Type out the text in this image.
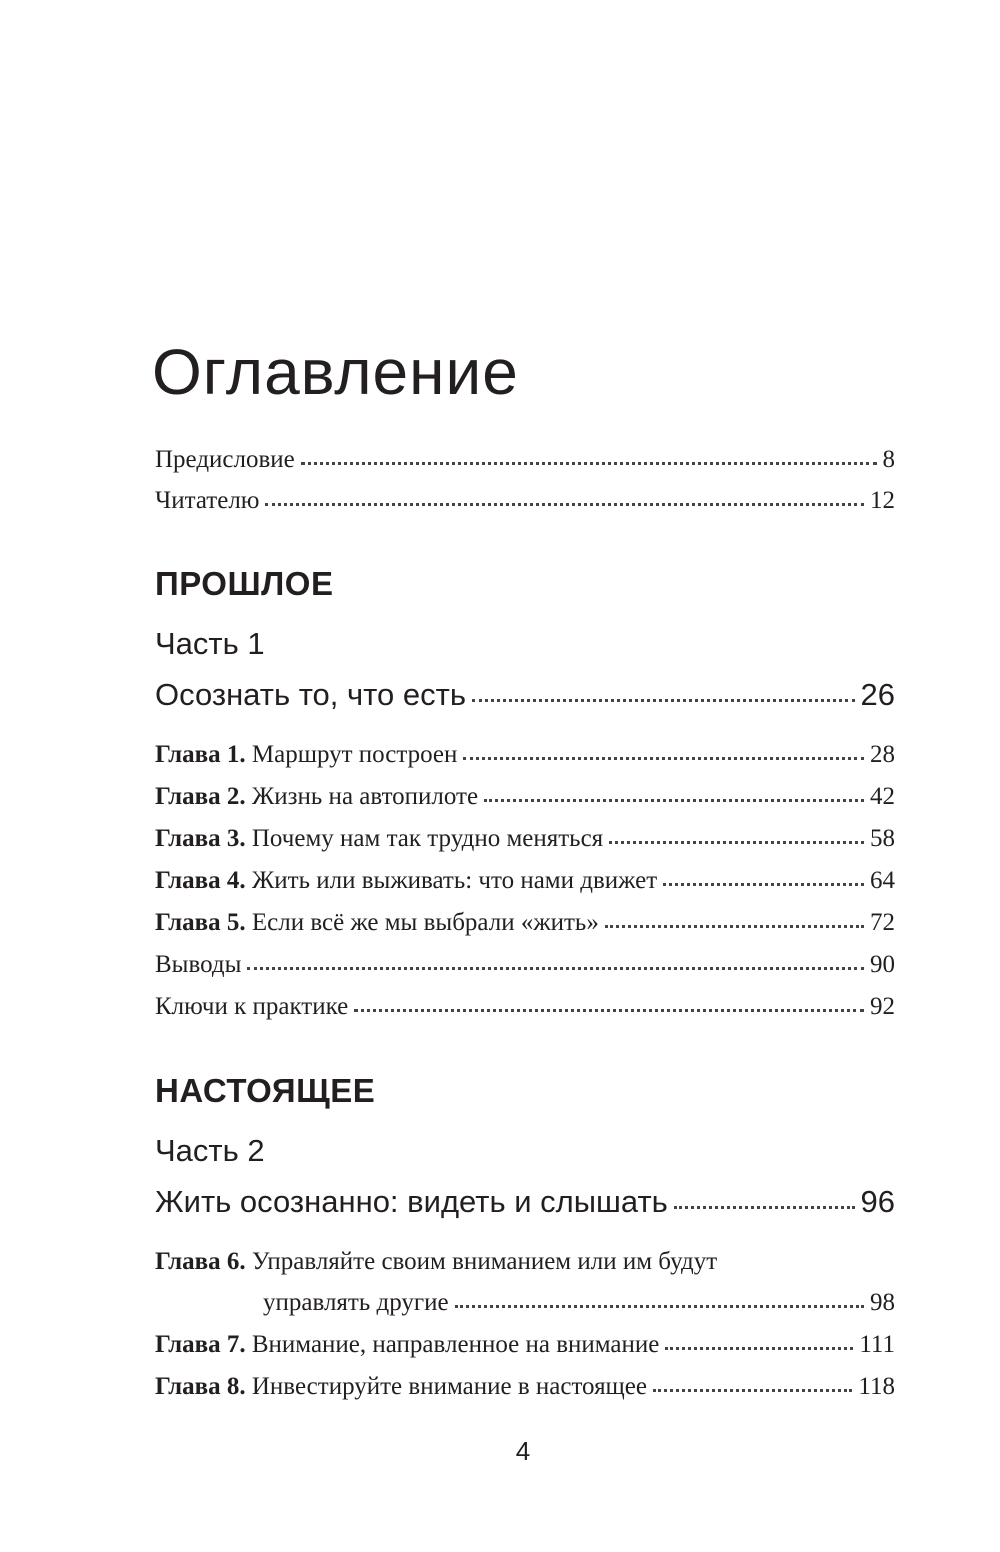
Оглавление
Предисловие	8
Читателю	12
ПРОШЛОЕ
Часть 1
Осознать то, что есть	26
Глава 1. Маршрут построен	28
Глава 2. Жизнь на автопилоте	42
Глава 3. Почему нам так трудно меняться	58
Глава 4. Жить или выживать: что нами движет	64
Глава 5. Если всё же мы выбрали «жить»	72
Выводы	90
Ключи к практике	92
НАСТОЯЩЕЕ
Часть 2
Жить осознанно: видеть и слышать	96
Глава 6. Управляйте своим вниманием или им будут
управлять другие	98
Глава 7. Внимание, направленное на внимание	111
Глава 8. Инвестируйте внимание в настоящее	118
4
